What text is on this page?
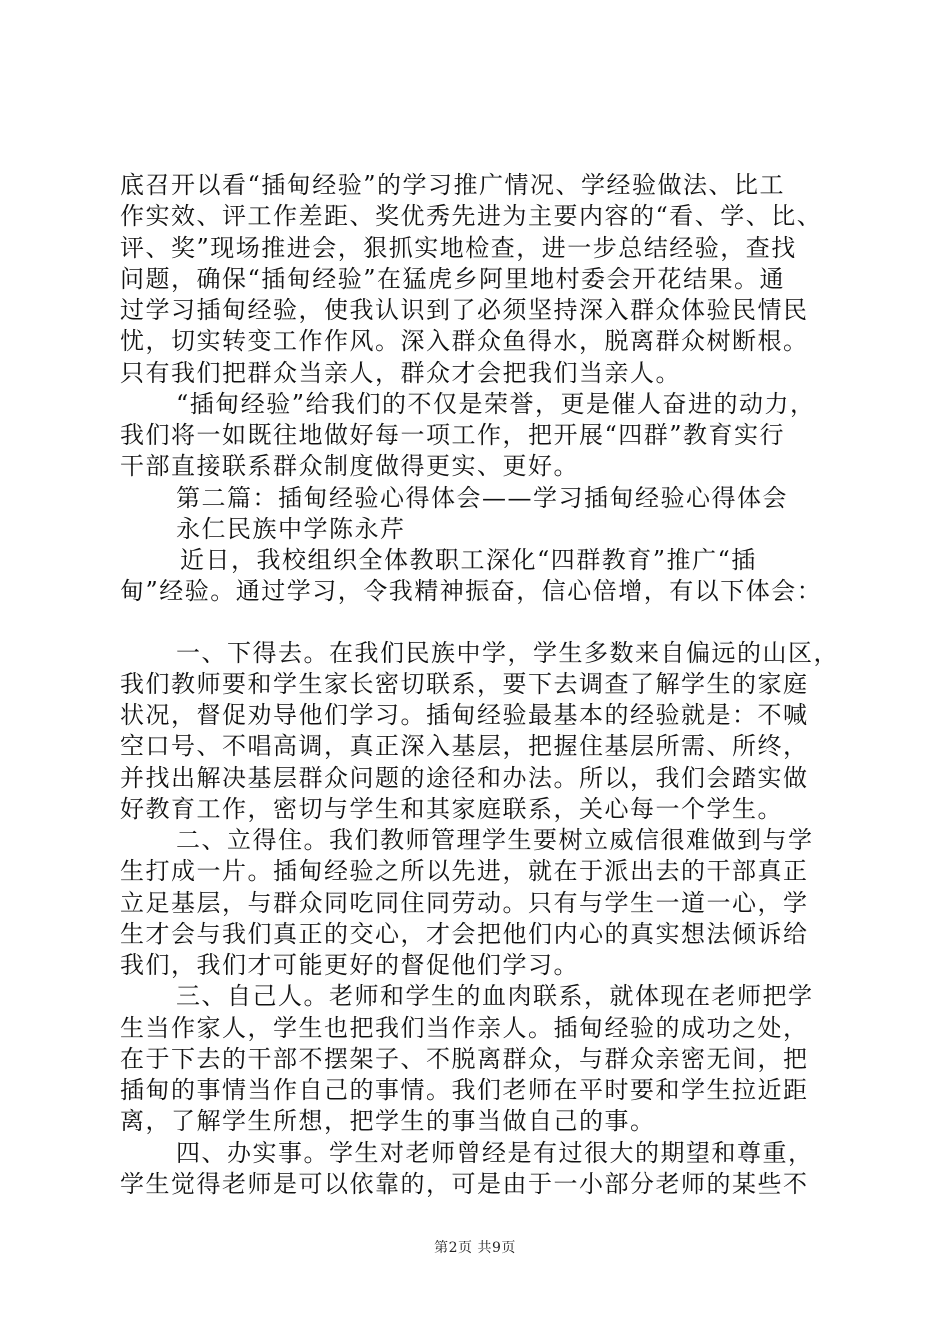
底召开以看“插甸经验”的学习推广情况、学经验做法、比工
作实效、评工作差距、奖优秀先进为主要内容的“看、学、比、
评、奖”现场推进会，狠抓实地检查，进一步总结经验，查找
问题，确保“插甸经验”在猛虎乡阿里地村委会开花结果。通
过学习插甸经验，使我认识到了必须坚持深入群众体验民情民
忧，切实转变工作作风。深入群众鱼得水，脱离群众树断根。
只有我们把群众当亲人，群众才会把我们当亲人。
“插甸经验”给我们的不仅是荣誉，更是催人奋进的动力，
我们将一如既往地做好每一项工作，把开展“四群”教育实行
干部直接联系群众制度做得更实、更好。
第二篇：插甸经验心得体会——学习插甸经验心得体会
永仁民族中学陈永芹
近日，我校组织全体教职工深化“四群教育”推广“插
甸”经验。通过学习，令我精神振奋，信心倍增，有以下体会：
一、下得去。在我们民族中学，学生多数来自偏远的山区，
我们教师要和学生家长密切联系，要下去调查了解学生的家庭
状况，督促劝导他们学习。插甸经验最基本的经验就是：不喊
空口号、不唱高调，真正深入基层，把握住基层所需、所终，
并找出解决基层群众问题的途径和办法。所以，我们会踏实做
好教育工作，密切与学生和其家庭联系，关心每一个学生。
二、立得住。我们教师管理学生要树立威信很难做到与学
生打成一片。插甸经验之所以先进，就在于派出去的干部真正
立足基层，与群众同吃同住同劳动。只有与学生一道一心，学
生才会与我们真正的交心，才会把他们内心的真实想法倾诉给
我们，我们才可能更好的督促他们学习。
三、自己人。老师和学生的血肉联系，就体现在老师把学
生当作家人，学生也把我们当作亲人。插甸经验的成功之处，
在于下去的干部不摆架子、不脱离群众，与群众亲密无间，把
插甸的事情当作自己的事情。我们老师在平时要和学生拉近距
离，了解学生所想，把学生的事当做自己的事。
四、办实事。学生对老师曾经是有过很大的期望和尊重，
学生觉得老师是可以依靠的，可是由于一小部分老师的某些不
第2页 共9页
